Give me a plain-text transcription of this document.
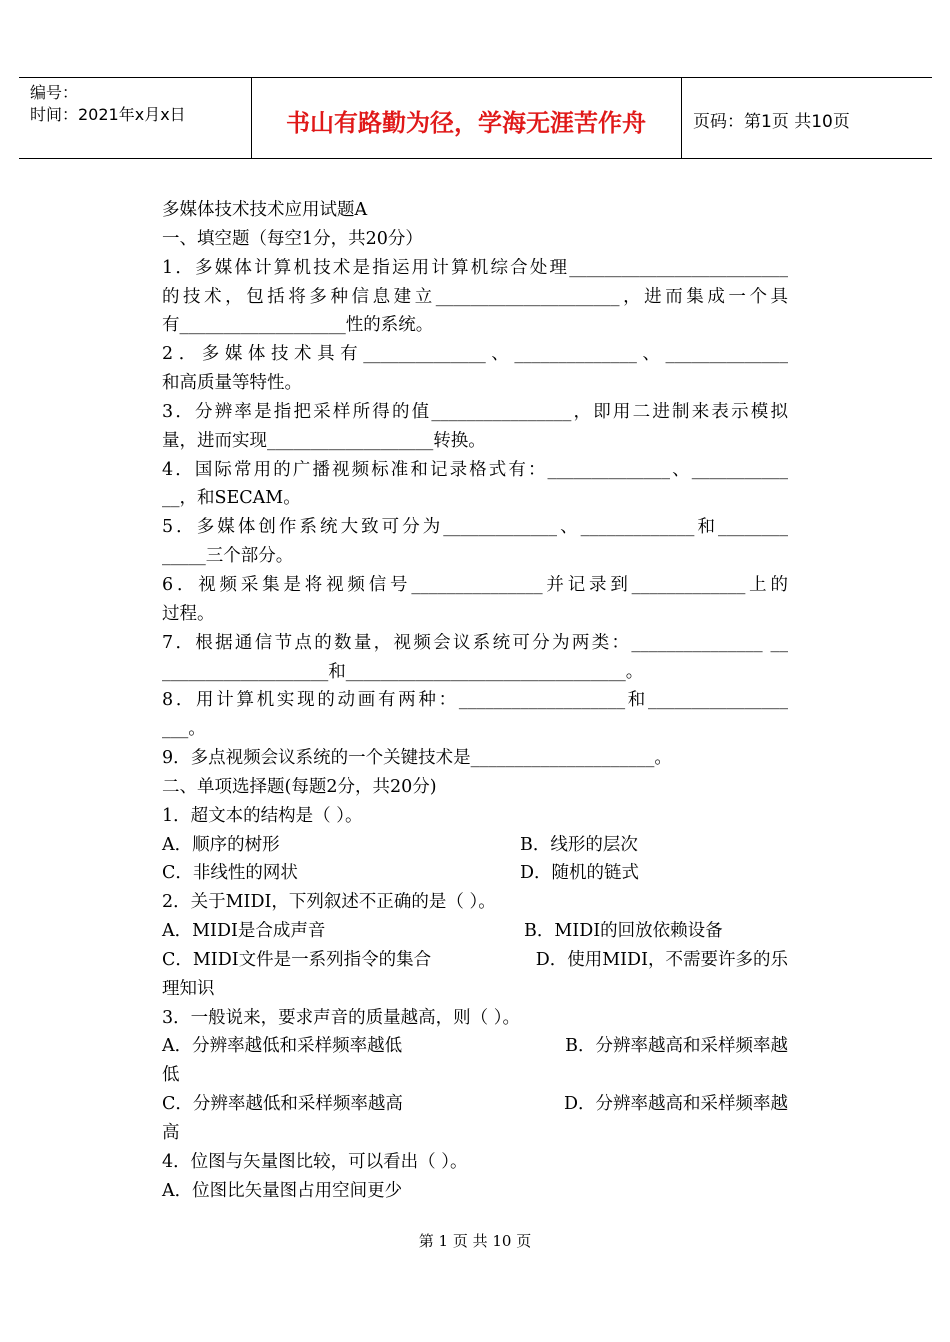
编号：
时间：2021年x月x日	书山有路勤为径，学海无涯苦作舟	页码：第1页 共10页
多媒体技术技术应用试题A
一、填空题（每空1分，共20分）
1．多媒体计算机技术是指运用计算机综合处理_________________________
的技术，包括将多种信息建立_____________________，进而集成一个具
有___________________性的系统。
2．多媒体技术具有______________、______________、______________
和高质量等特性。
3．分辨率是指把采样所得的值________________，即用二进制来表示模拟
量，进而实现___________________转换。
4．国际常用的广播视频标准和记录格式有：______________、___________
__，和SECAM。
5．多媒体创作系统大致可分为_____________、_____________和________
_____三个部分。
6．视频采集是将视频信号_______________并记录到_____________上的
过程。
7．根据通信节点的数量，视频会议系统可分为两类：_______________ __
___________________和________________________________。
8．用计算机实现的动画有两种：___________________和________________
___。
9．多点视频会议系统的一个关键技术是_____________________。
二、单项选择题(每题2分，共20分)
1．超文本的结构是（ ）。
A．顺序的树形	B．线形的层次
C．非线性的网状	D．随机的链式
2．关于MIDI，下列叙述不正确的是（ ）。
A．MIDI是合成声音	B．MIDI的回放依赖设备
C．MIDI文件是一系列指令的集合	D．使用MIDI，不需要许多的乐
理知识
3．一般说来，要求声音的质量越高，则（ ）。
A．分辨率越低和采样频率越低	B．分辨率越高和采样频率越
低
C．分辨率越低和采样频率越高	D．分辨率越高和采样频率越
高
4．位图与矢量图比较，可以看出（ ）。
A．位图比矢量图占用空间更少
第 1 页 共 10 页
